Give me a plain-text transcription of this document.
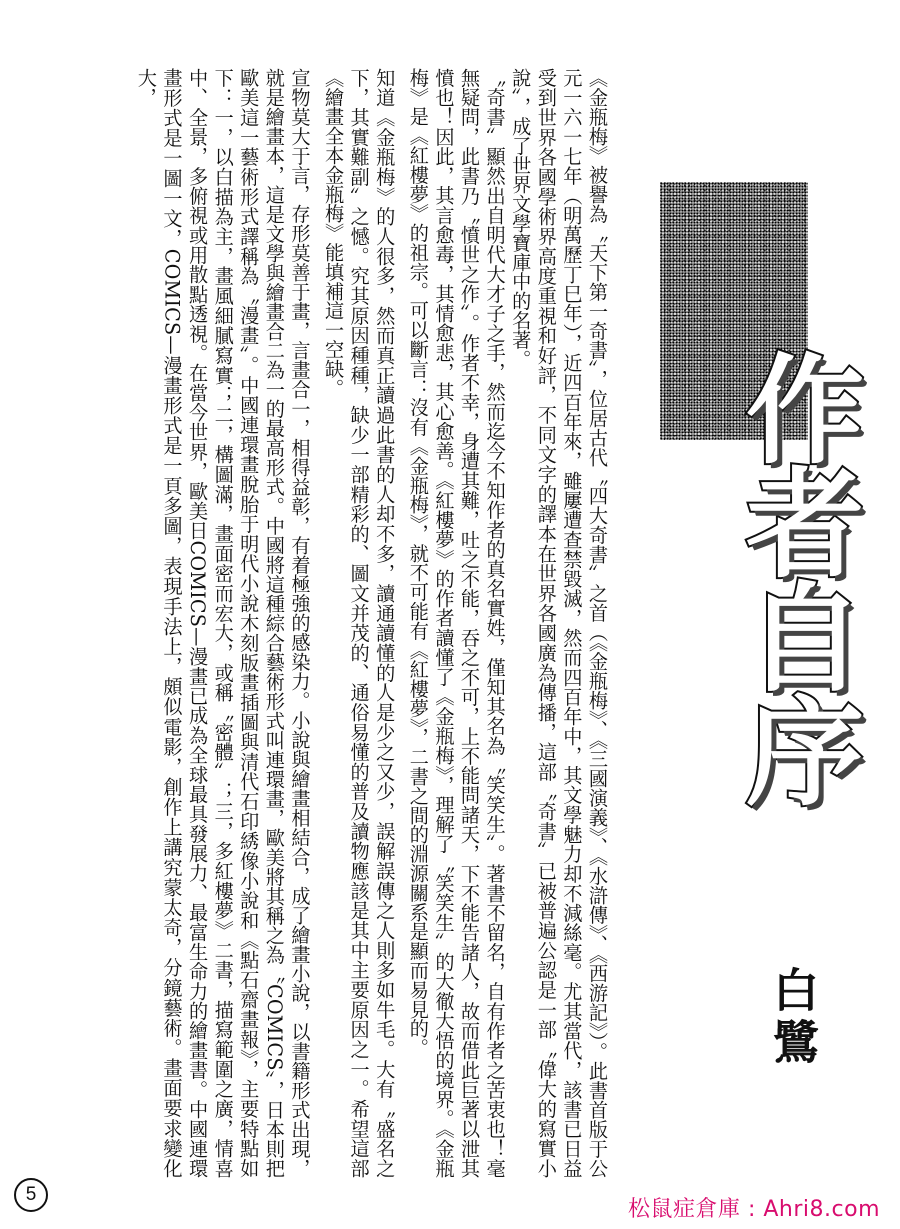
《金瓶梅》被譽為〝天下第一奇書〞，位居古代〝四大奇書〞之首（《金瓶梅》、《三國演義》、《水滸傳》、《西游記》）。此書首版于公元一六一七年（明萬歷丁巳年），近四百年來，雖屢遭查禁毀滅，然而四百年中，其文學魅力却不減絲毫。尤其當代，該書已日益受到世界各國學術界高度重視和好評，不同文字的譯本在世界各國廣為傳播，這部〝奇書〞已被普遍公認是一部〝偉大的寫實小說〞，成了世界文學寶庫中的名著。

〝奇書〞顯然出自明代大才子之手，然而迄今不知作者的真名實姓，僅知其名為〝笑笑生〞。著書不留名，自有作者之苦衷也！毫無疑問，此書乃〝憤世之作〞。作者不幸，身遭其難，吐之不能，吞之不可，上不能問諸天，下不能告諸人，故而借此巨著以泄其憤也！因此，其言愈毒，其情愈悲，其心愈善。《紅樓夢》的作者讀懂了《金瓶梅》，理解了〝笑笑生〞的大徹大悟的境界。《金瓶梅》是《紅樓夢》的祖宗。可以斷言：沒有《金瓶梅》，就不可能有《紅樓夢》，二書之間的淵源關系是顯而易見的。

知道《金瓶梅》的人很多，然而真正讀過此書的人却不多，讀通讀懂的人是少之又少，誤解誤傳之人則多如牛毛。大有〝盛名之下，其實難副〞之憾。究其原因種種，缺少一部精彩的、圖文并茂的、通俗易懂的普及讀物應該是其中主要原因之一。希望這部《繪畫全本金瓶梅》能填補這一空缺。

宣物莫大于言，存形莫善于畫，言畫合一，相得益彰，有着極強的感染力。小說與繪畫相結合，成了繪畫小說，以書籍形式出現，就是繪畫本，這是文學與繪畫合二為一的最高形式。中國將這種綜合藝術形式叫連環畫，歐美將其稱之為〝COMICS〞，日本則把歐美這一藝術形式譯稱為〝漫畫〞。中國連環畫脫胎于明代小說木刻版畫插圖與清代石印綉像小說和《點石齋畫報》，主要特點如下：一，以白描為主，畫風細膩寫實；二，構圖滿，畫面密而宏大，或稱〝密體〞；三，多紅樓夢》二書，描寫範圍之廣，情喜中、全景，多俯視或用散點透視。在當今世界，歐美日COMICS—漫畫已成為全球最具發展力、最富生命力的繪畫書。中國連環畫形式是一圖一文，COMICS—漫畫形式是一頁多圖，表現手法上，頗似電影，創作上講究蒙太奇，分鏡藝術。畫面要求變化大，

作者自序
白鷺
5
松鼠症倉庫 : Ahri8.com
